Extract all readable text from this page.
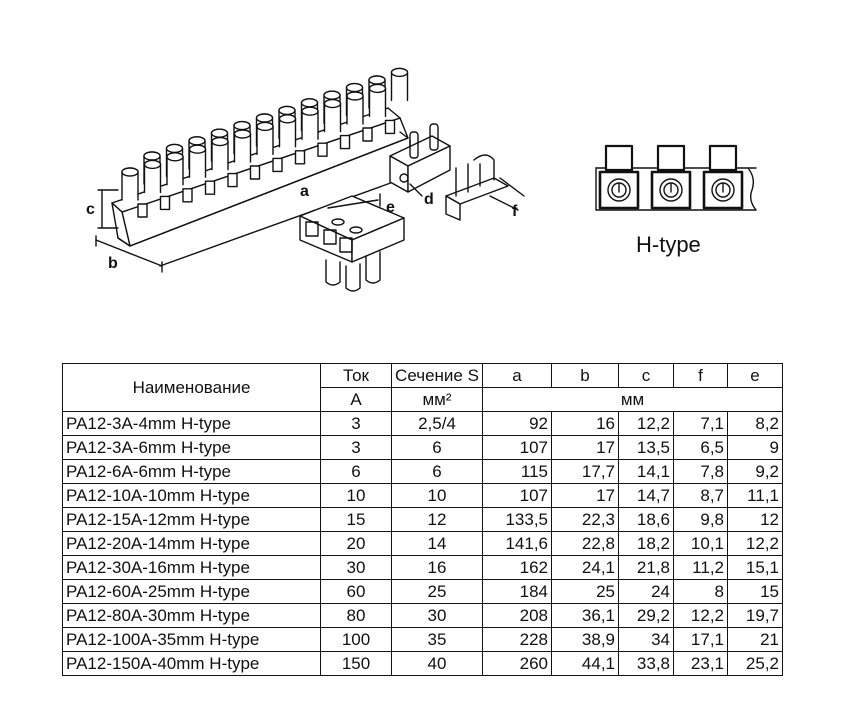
c
b
a
e d
f
H-type
Наименование	Ток	Сечение S	a	b	c	f	e
	А	мм²	мм				
PA12-3A-4mm H-type	3	2,5/4	92	16	12,2	7,1	8,2
PA12-3A-6mm H-type	3	6	107	17	13,5	6,5	9
PA12-6A-6mm H-type	6	6	115	17,7	14,1	7,8	9,2
PA12-10A-10mm H-type	10	10	107	17	14,7	8,7	11,1
PA12-15A-12mm H-type	15	12	133,5	22,3	18,6	9,8	12
PA12-20A-14mm H-type	20	14	141,6	22,8	18,2	10,1	12,2
PA12-30A-16mm H-type	30	16	162	24,1	21,8	11,2	15,1
PA12-60A-25mm H-type	60	25	184	25	24	8	15
PA12-80A-30mm H-type	80	30	208	36,1	29,2	12,2	19,7
PA12-100A-35mm H-type	100	35	228	38,9	34	17,1	21
PA12-150A-40mm H-type	150	40	260	44,1	33,8	23,1	25,2
